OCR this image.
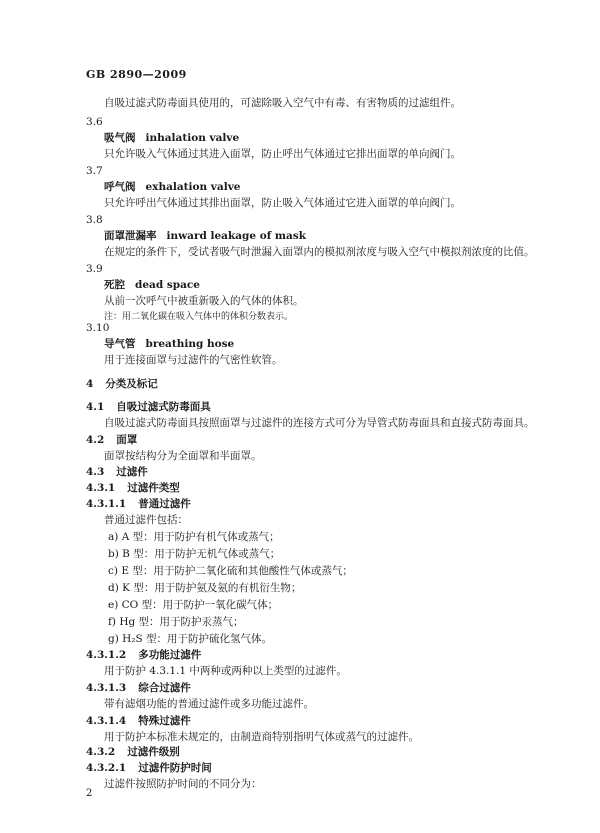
GB 2890—2009
自吸过滤式防毒面具使用的，可滤除吸入空气中有毒、有害物质的过滤组件。
3.6
吸气阀 inhalation valve
只允许吸入气体通过其进入面罩，防止呼出气体通过它排出面罩的单向阀门。
3.7
呼气阀 exhalation valve
只允许呼出气体通过其排出面罩，防止吸入气体通过它进入面罩的单向阀门。
3.8
面罩泄漏率 inward leakage of mask
在规定的条件下，受试者吸气时泄漏入面罩内的模拟剂浓度与吸入空气中模拟剂浓度的比值。
3.9
死腔 dead space
从前一次呼气中被重新吸入的气体的体积。
注：用二氧化碳在吸入气体中的体积分数表示。
3.10
导气管 breathing hose
用于连接面罩与过滤件的气密性软管。
4 分类及标记
4.1 自吸过滤式防毒面具
自吸过滤式防毒面具按照面罩与过滤件的连接方式可分为导管式防毒面具和直接式防毒面具。
4.2 面罩
面罩按结构分为全面罩和半面罩。
4.3 过滤件
4.3.1 过滤件类型
4.3.1.1 普通过滤件
普通过滤件包括：
a) A 型：用于防护有机气体或蒸气；
b) B 型：用于防护无机气体或蒸气；
c) E 型：用于防护二氧化硫和其他酸性气体或蒸气；
d) K 型：用于防护氨及氨的有机衍生物；
e) CO 型：用于防护一氧化碳气体；
f) Hg 型：用于防护汞蒸气；
g) H₂S 型：用于防护硫化氢气体。
4.3.1.2 多功能过滤件
用于防护 4.3.1.1 中两种或两种以上类型的过滤件。
4.3.1.3 综合过滤件
带有滤烟功能的普通过滤件或多功能过滤件。
4.3.1.4 特殊过滤件
用于防护本标准未规定的，由制造商特别指明气体或蒸气的过滤件。
4.3.2 过滤件级别
4.3.2.1 过滤件防护时间
过滤件按照防护时间的不同分为：
2
